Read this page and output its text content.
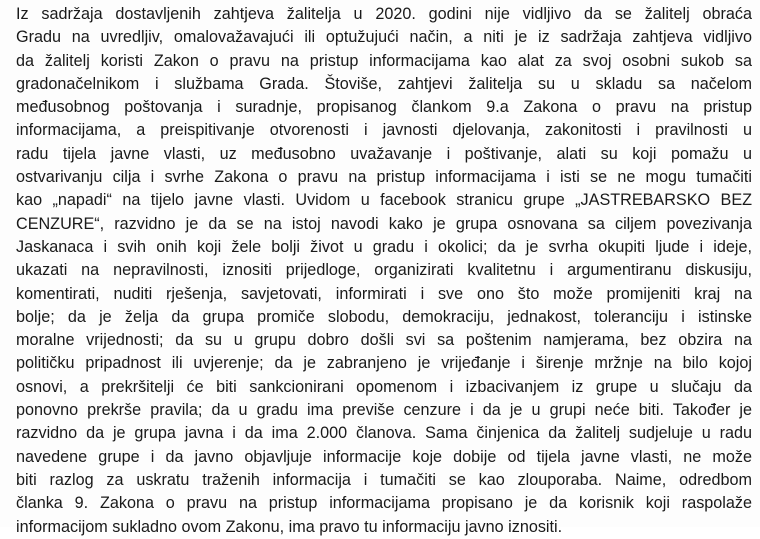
Iz sadržaja dostavljenih zahtjeva žalitelja u 2020. godini nije vidljivo da se žalitelj obraća
Gradu na uvredljiv, omalovažavajući ili optužujući način, a niti je iz sadržaja zahtjeva vidljivo
da žalitelj koristi Zakon o pravu na pristup informacijama kao alat za svoj osobni sukob sa
gradonačelnikom i službama Grada. Štoviše, zahtjevi žalitelja su u skladu sa načelom
međusobnog poštovanja i suradnje, propisanog člankom 9.a Zakona o pravu na pristup
informacijama, a preispitivanje otvorenosti i javnosti djelovanja, zakonitosti i pravilnosti u
radu tijela javne vlasti, uz međusobno uvažavanje i poštivanje, alati su koji pomažu u
ostvarivanju cilja i svrhe Zakona o pravu na pristup informacijama i isti se ne mogu tumačiti
kao „napadi“ na tijelo javne vlasti. Uvidom u facebook stranicu grupe „JASTREBARSKO BEZ
CENZURE“, razvidno je da se na istoj navodi kako je grupa osnovana sa ciljem povezivanja
Jaskanaca i svih onih koji žele bolji život u gradu i okolici; da je svrha okupiti ljude i ideje,
ukazati na nepravilnosti, iznositi prijedloge, organizirati kvalitetnu i argumentiranu diskusiju,
komentirati, nuditi rješenja, savjetovati, informirati i sve ono što može promijeniti kraj na
bolje; da je želja da grupa promiče slobodu, demokraciju, jednakost, toleranciju i istinske
moralne vrijednosti; da su u grupu dobro došli svi sa poštenim namjerama, bez obzira na
političku pripadnost ili uvjerenje; da je zabranjeno je vrijeđanje i širenje mržnje na bilo kojoj
osnovi, a prekršitelji će biti sankcionirani opomenom i izbacivanjem iz grupe u slučaju da
ponovno prekrše pravila; da u gradu ima previše cenzure i da je u grupi neće biti. Također je
razvidno da je grupa javna i da ima 2.000 članova. Sama činjenica da žalitelj sudjeluje u radu
navedene grupe i da javno objavljuje informacije koje dobije od tijela javne vlasti, ne može
biti razlog za uskratu traženih informacija i tumačiti se kao zlouporaba. Naime, odredbom
članka 9. Zakona o pravu na pristup informacijama propisano je da korisnik koji raspolaže
informacijom sukladno ovom Zakonu, ima pravo tu informaciju javno iznositi.
